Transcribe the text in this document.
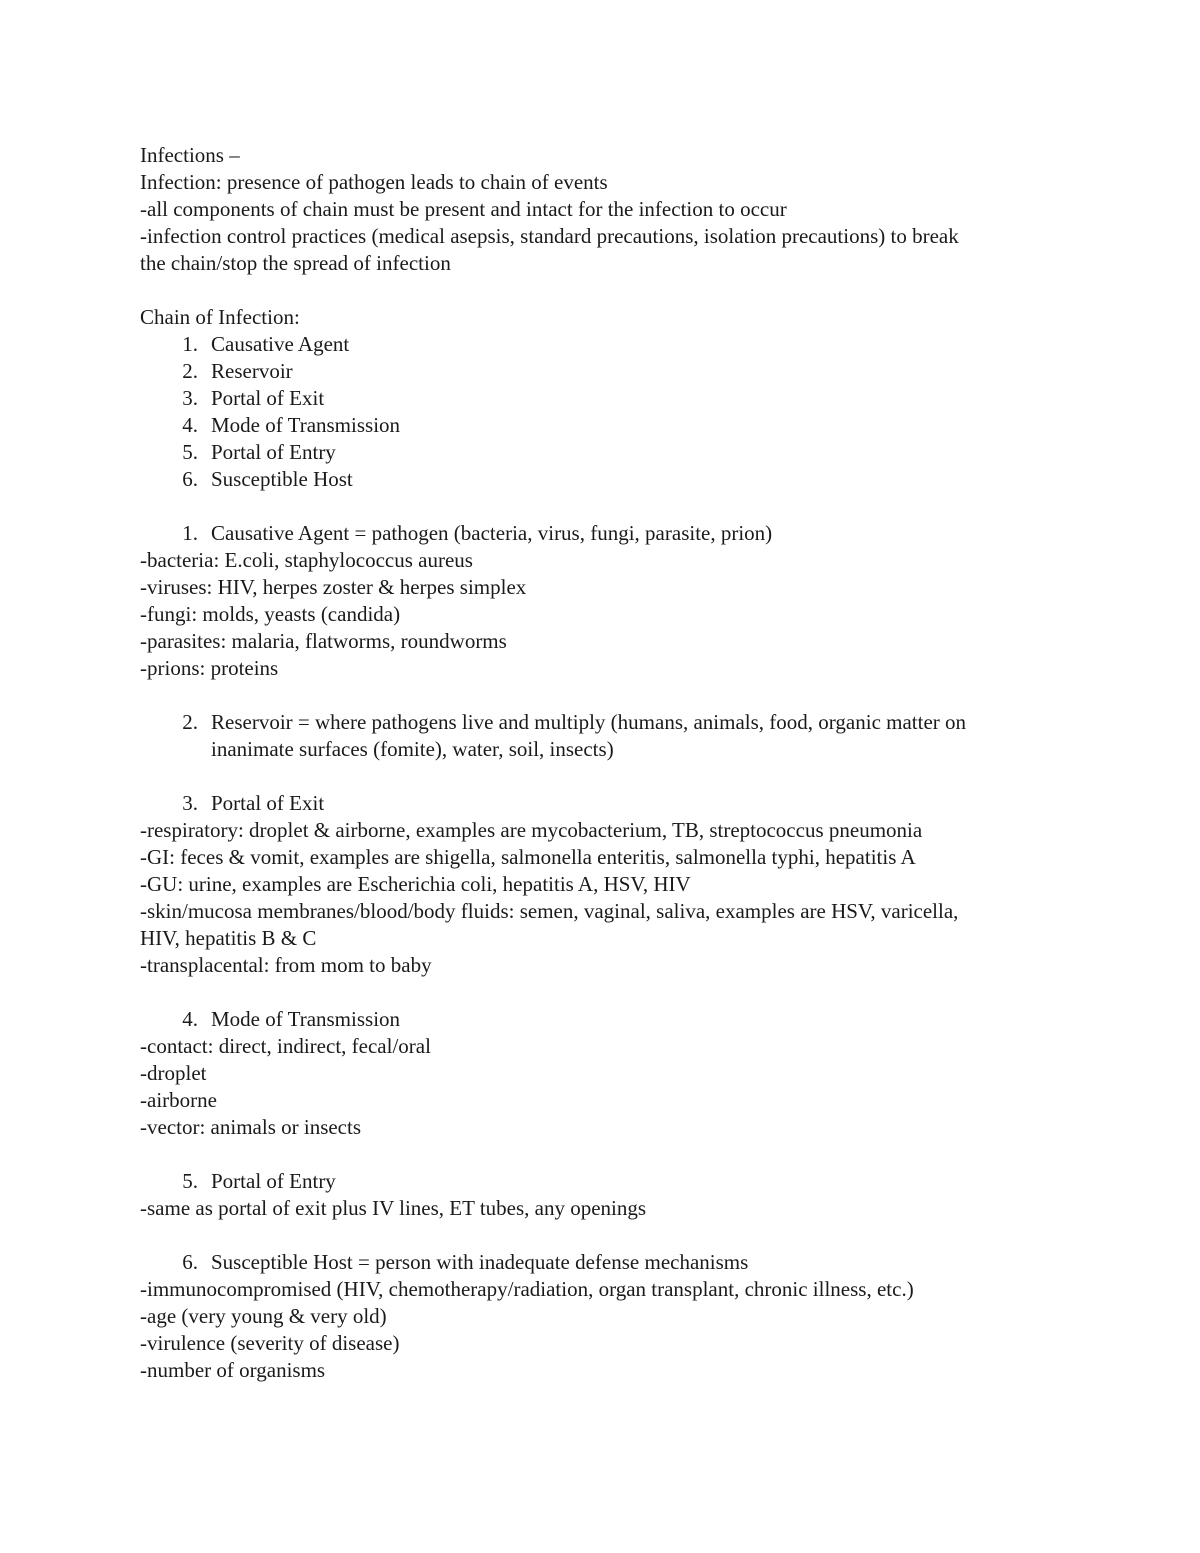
Infections –
Infection: presence of pathogen leads to chain of events
-all components of chain must be present and intact for the infection to occur
-infection control practices (medical asepsis, standard precautions, isolation precautions) to break
the chain/stop the spread of infection
Chain of Infection:
1. Causative Agent
2. Reservoir
3. Portal of Exit
4. Mode of Transmission
5. Portal of Entry
6. Susceptible Host
1. Causative Agent = pathogen (bacteria, virus, fungi, parasite, prion)
-bacteria: E.coli, staphylococcus aureus
-viruses: HIV, herpes zoster & herpes simplex
-fungi: molds, yeasts (candida)
-parasites: malaria, flatworms, roundworms
-prions: proteins
2. Reservoir = where pathogens live and multiply (humans, animals, food, organic matter on
inanimate surfaces (fomite), water, soil, insects)
3. Portal of Exit
-respiratory: droplet & airborne, examples are mycobacterium, TB, streptococcus pneumonia
-GI: feces & vomit, examples are shigella, salmonella enteritis, salmonella typhi, hepatitis A
-GU: urine, examples are Escherichia coli, hepatitis A, HSV, HIV
-skin/mucosa membranes/blood/body fluids: semen, vaginal, saliva, examples are HSV, varicella,
HIV, hepatitis B & C
-transplacental: from mom to baby
4. Mode of Transmission
-contact: direct, indirect, fecal/oral
-droplet
-airborne
-vector: animals or insects
5. Portal of Entry
-same as portal of exit plus IV lines, ET tubes, any openings
6. Susceptible Host = person with inadequate defense mechanisms
-immunocompromised (HIV, chemotherapy/radiation, organ transplant, chronic illness, etc.)
-age (very young & very old)
-virulence (severity of disease)
-number of organisms
